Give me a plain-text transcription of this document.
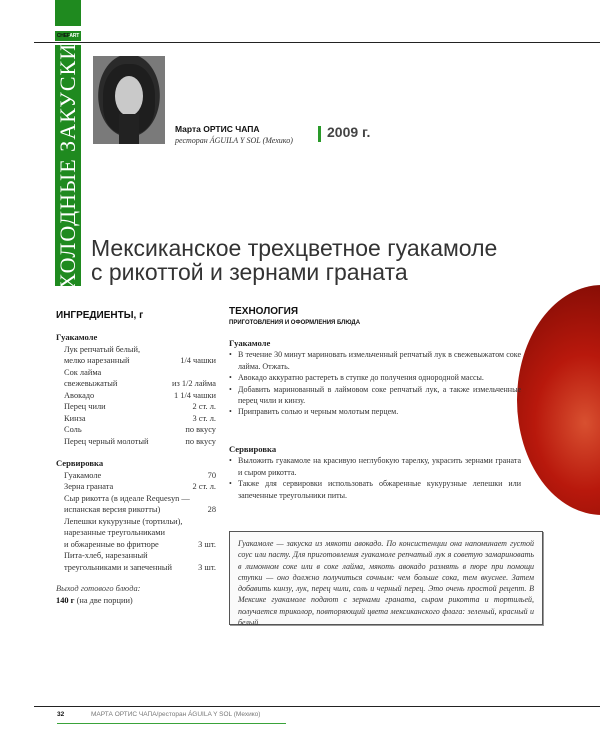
CHEFART
ХОЛОДНЫЕ ЗАКУСКИ	Марта ОРТИС ЧАПА
ресторан ÁGUILA Y SOL (Мехико)
2009 г.
Мексиканское трехцветное гуакамоле
с рикоттой и зернами граната
ИНГРЕДИЕНТЫ, г
Гуакамоле
Лук репчатый белый,
мелко нарезанный	1/4 чашки
Сок лайма
свежевыжатый	из 1/2 лайма
Авокадо	1 1/4 чашки
Перец чили	2 ст. л.
Кинза	3 ст. л.
Соль	по вкусу
Перец черный молотый	по вкусу
Сервировка
Гуакамоле	70
Зерна граната	2 ст. л.
Сыр рикотта (в идеале Requesyn —
испанская версия рикотты)	28
Лепешки кукурузные (тортильи),
нарезанные треугольниками
и обжаренные во фритюре	3 шт.
Пита-хлеб, нарезанный
треугольниками и запеченный	3 шт.
Выход готового блюда:
140 г (на две порции)
ТЕХНОЛОГИЯ
ПРИГОТОВЛЕНИЯ И ОФОРМЛЕНИЯ БЛЮДА
Гуакамоле
• В течение 30 минут мариновать измельченный репчатый лук в свежевыжатом соке лайма. Отжать.
• Авокадо аккуратно растереть в ступке до получения однородной массы.
• Добавить маринованный в лаймовом соке репчатый лук, а также измельченные перец чили и кинзу.
• Приправить солью и черным молотым перцем.
Сервировка
• Выложить гуакамоле на красивую неглубокую тарелку, украсить зернами граната и сыром рикотта.
• Также для сервировки использовать обжаренные кукурузные лепешки или запеченные треугольники питы.
Гуакамоле — закуска из мякоти авокадо. По консистенции она напоминает густой соус или пасту. Для приготовления гуакамоле репчатый лук я советую замариновать в лимонном соке или в соке лайма, мякоть авокадо размять в пюре при помощи ступки — оно должно получиться сочным: чем больше сока, тем вкуснее. Затем добавить кинзу, лук, перец чили, соль и черный перец. Это очень простой рецепт. В Мексике гуакамоле подают с зернами граната, сыром рикотта и тортильей, получается триколор, повторяющий цвета мексиканского флага: зеленый, красный и белый.
32	МАРТА ОРТИС ЧАПА/ресторан ÁGUILA Y SOL (Мехико)
